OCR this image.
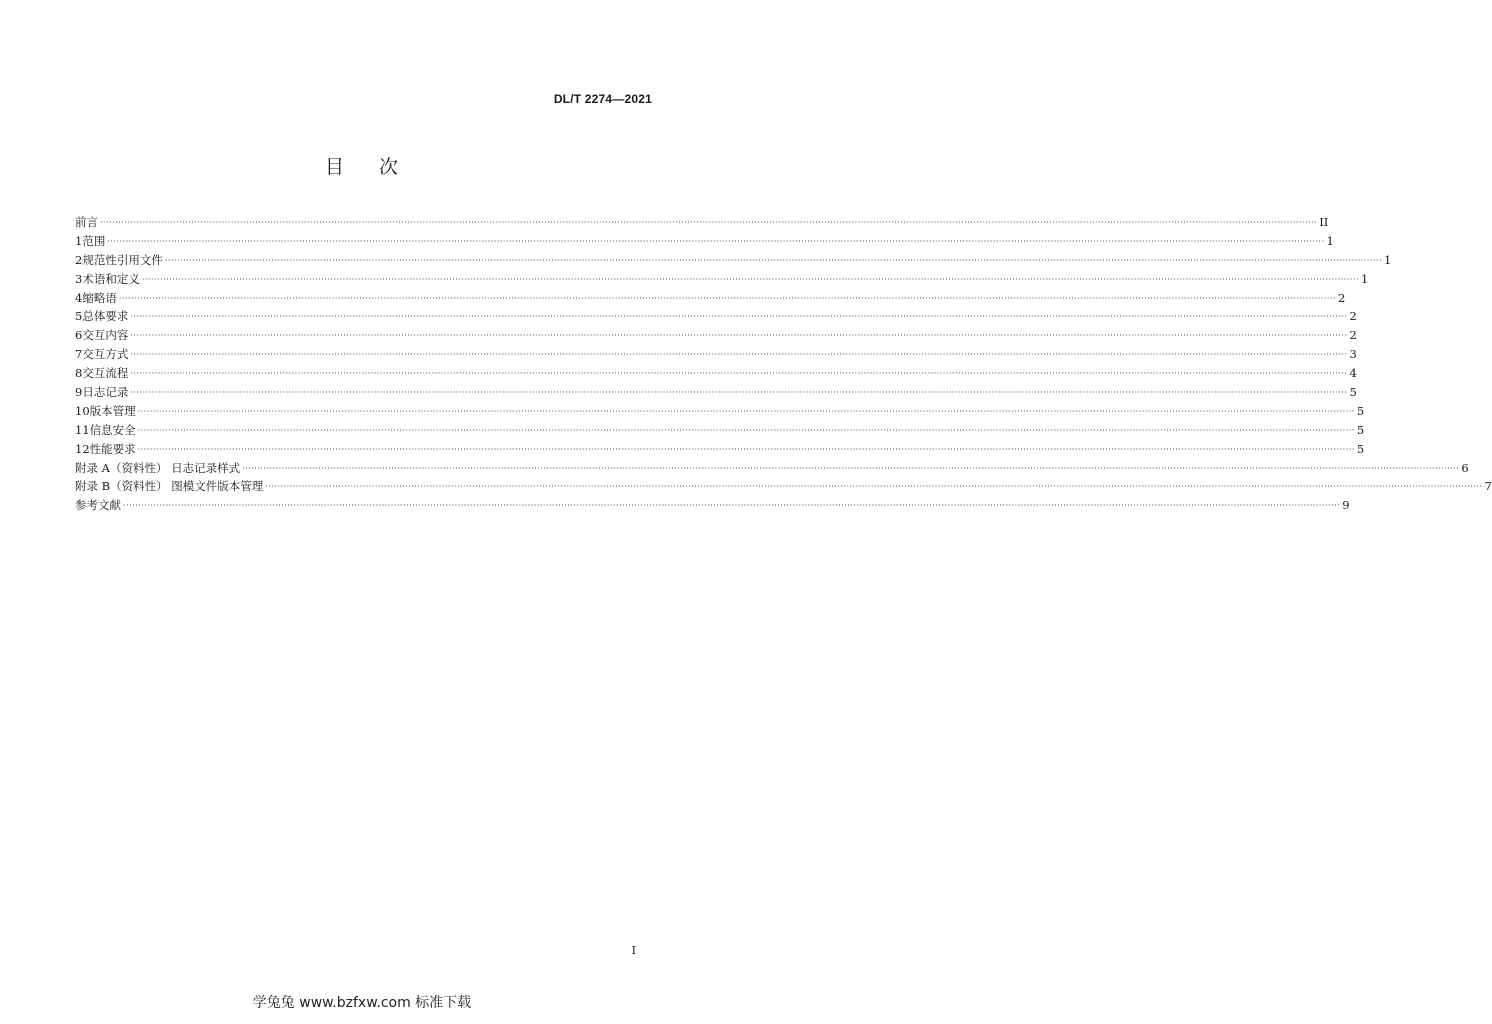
DL/T 2274—2021
目 次
前言 ················································································································································································································································································································································································································ II
1 范围 ················································································································································································································································································································································································································ 1
2 规范性引用文件 ················································································································································································································································································································································································································ 1
3 术语和定义 ················································································································································································································································································································································································································ 1
4 缩略语 ················································································································································································································································································································································································································ 2
5 总体要求 ················································································································································································································································································································································································································ 2
6 交互内容 ················································································································································································································································································································································································································ 2
7 交互方式 ················································································································································································································································································································································································································ 3
8 交互流程 ················································································································································································································································································································································································································ 4
9 日志记录 ················································································································································································································································································································································································································ 5
10 版本管理 ················································································································································································································································································································································································································ 5
11 信息安全 ················································································································································································································································································································································································································ 5
12 性能要求 ················································································································································································································································································································································································································ 5
附录 A（资料性） 日志记录样式 ················································································································································································································································································································································································································ 6
附录 B（资料性） 图模文件版本管理 ················································································································································································································································································································································································································ 7
参考文献 ················································································································································································································································································································································································································ 9
I
学兔兔 www.bzfxw.com 标准下载
